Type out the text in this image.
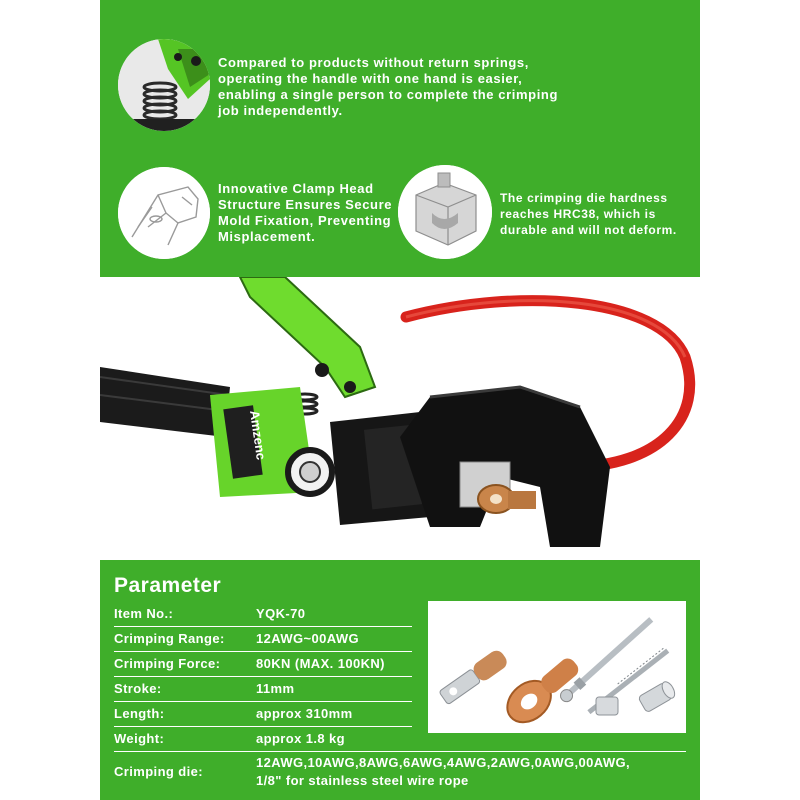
Compared to products without return springs, operating the handle with one hand is easier, enabling a single person to complete the crimping job independently.
Innovative Clamp Head Structure Ensures Secure Mold Fixation, Preventing Misplacement.
The crimping die hardness reaches HRC38, which is durable and will not deform.
Amzenc
Parameter
Item No.:	YQK-70
Crimping Range: 12AWG~00AWG
Crimping Force:	80KN (MAX. 100KN)
Stroke:	11mm
Length:	approx 310mm
Weight:	approx 1.8 kg
Crimping die:
12AWG,10AWG,8AWG,6AWG,4AWG,2AWG,0AWG,00AWG,
1/8" for stainless steel wire rope
